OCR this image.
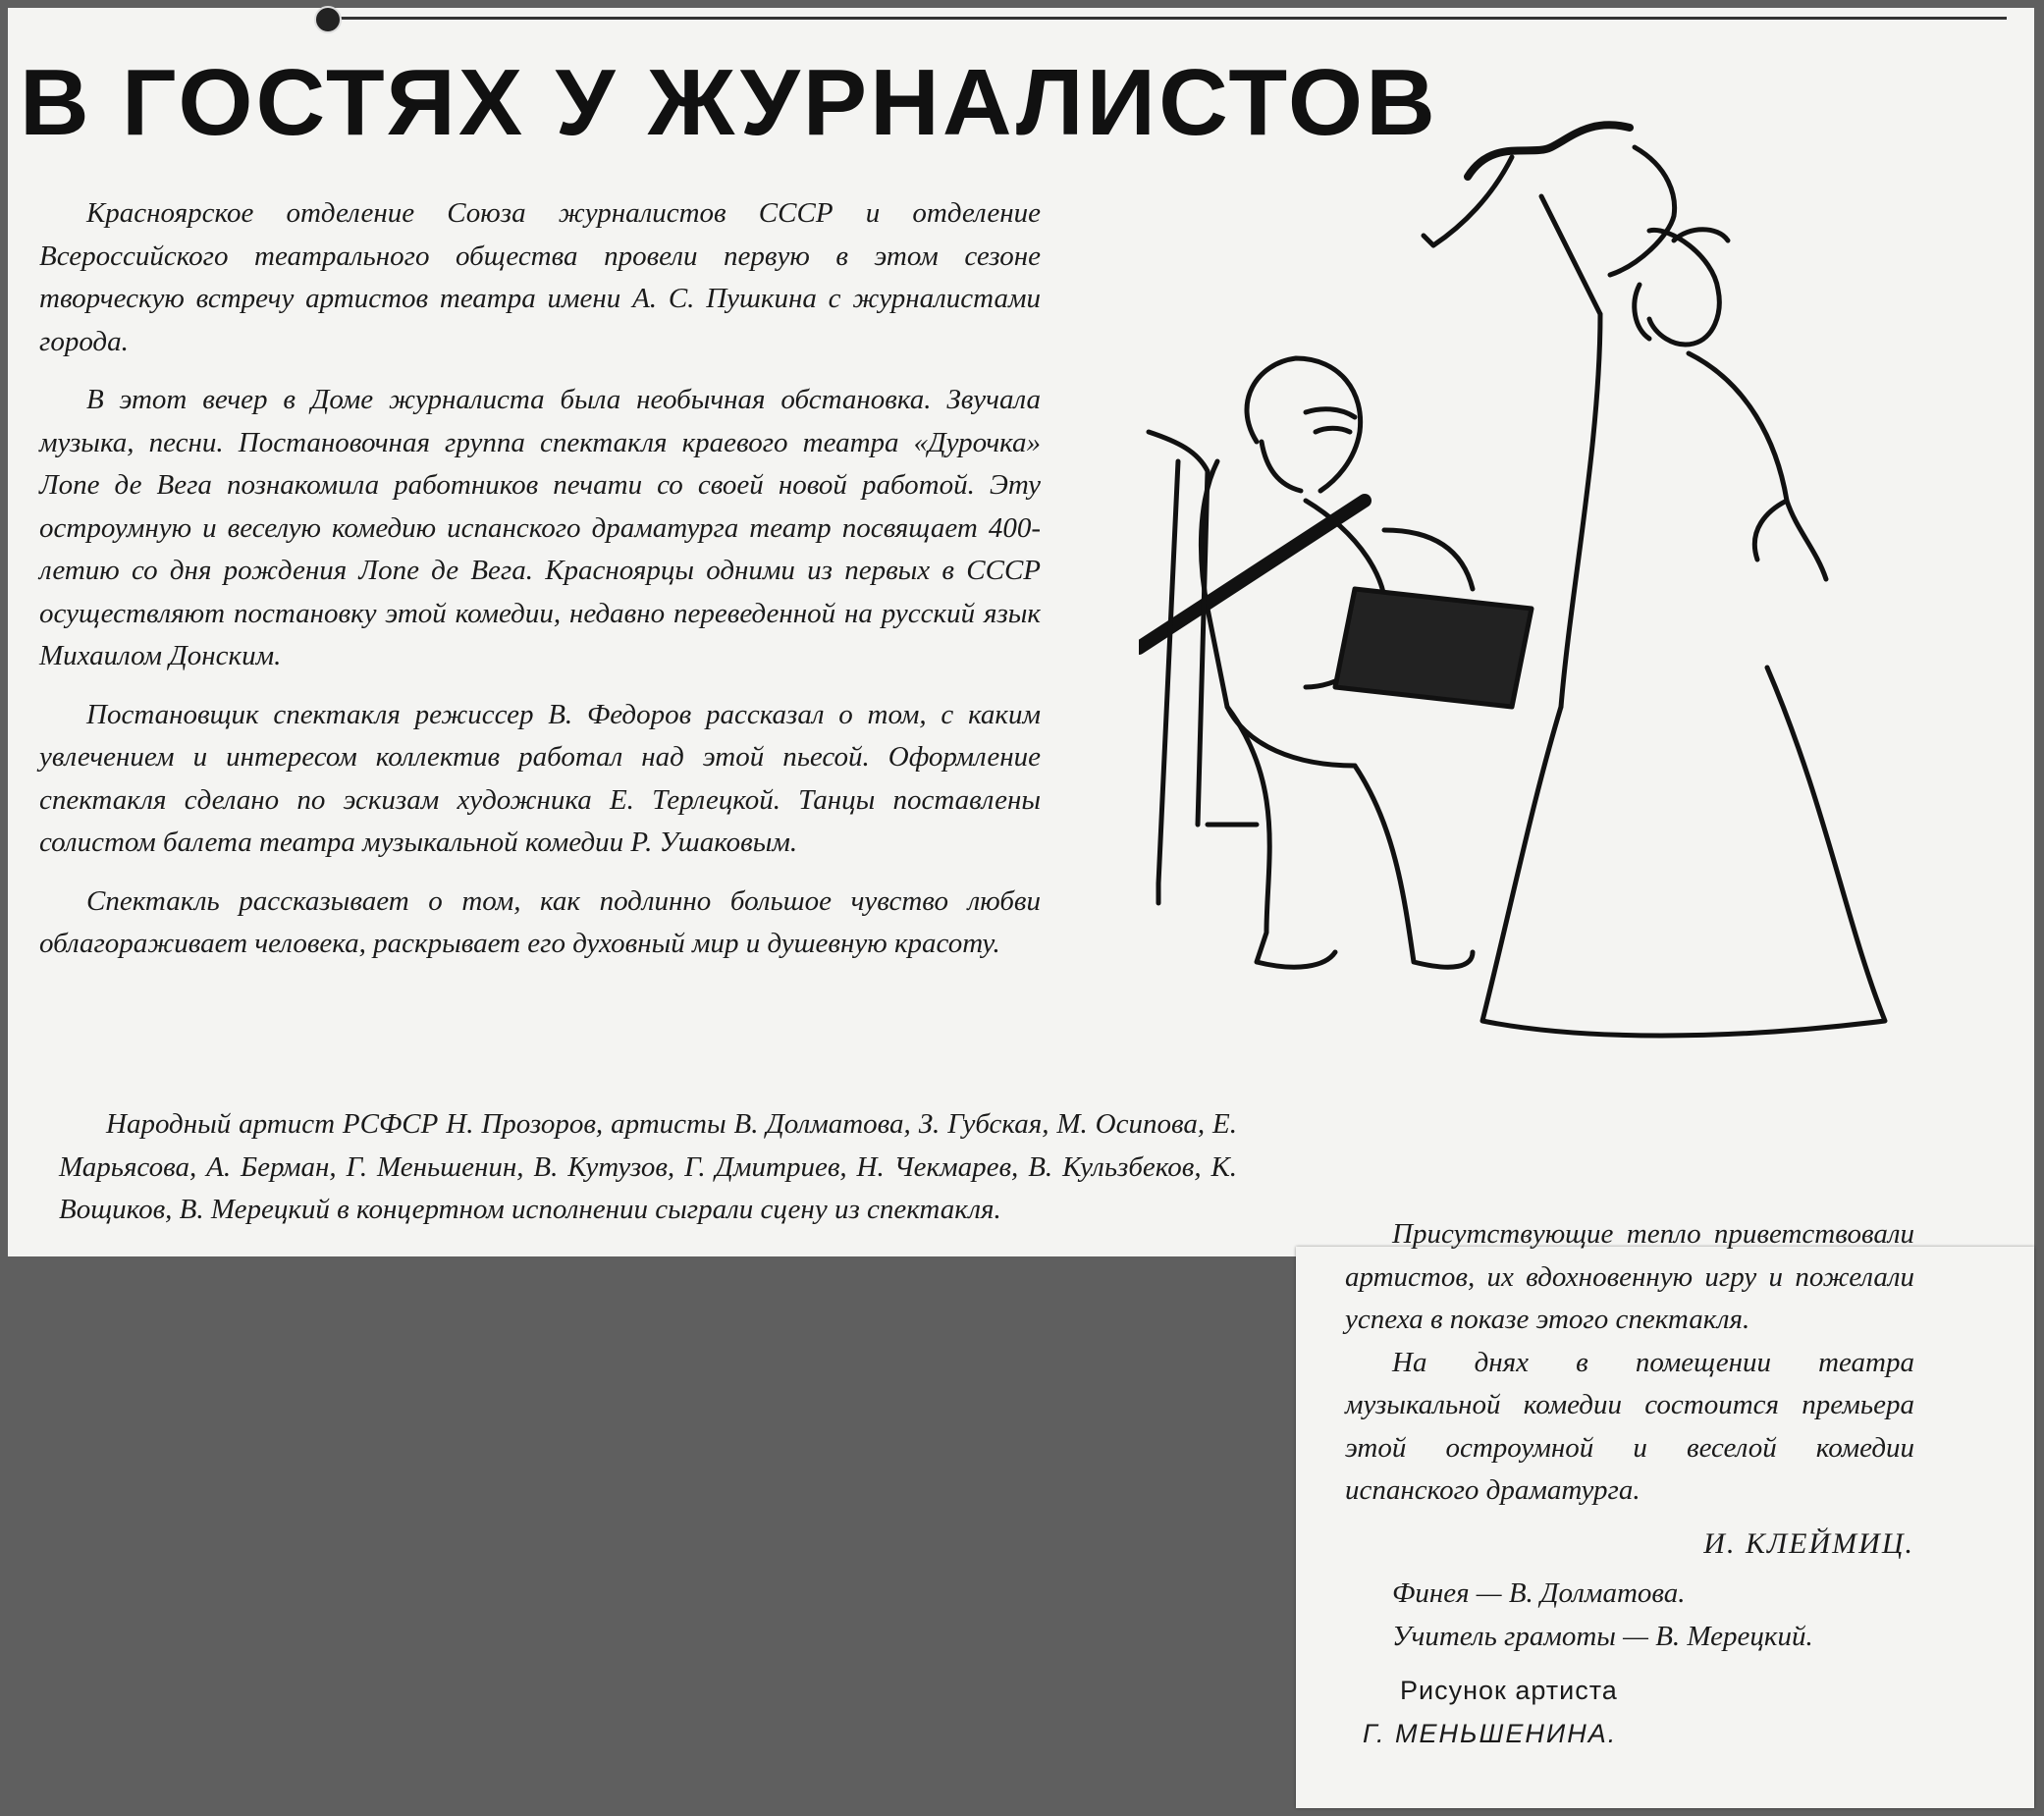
В ГОСТЯХ У ЖУРНАЛИСТОВ

Красноярское отделение Союза журналистов СССР и отделение Всероссийского театрального общества провели первую в этом сезоне творческую встречу артистов театра имени А. С. Пушкина с журналистами города.

В этот вечер в Доме журналиста была необычная обстановка. Звучала музыка, песни. Постановочная группа спектакля краевого театра «Дурочка» Лопе де Вега познакомила работников печати со своей новой работой. Эту остроумную и веселую комедию испанского драматурга театр посвящает 400-летию со дня рождения Лопе де Вега. Красноярцы одними из первых в СССР осуществляют постановку этой комедии, недавно переведенной на русский язык Михаилом Донским.

Постановщик спектакля режиссер В. Федоров рассказал о том, с каким увлечением и интересом коллектив работал над этой пьесой. Оформление спектакля сделано по эскизам художника Е. Терлецкой. Танцы поставлены солистом балета театра музыкальной комедии Р. Ушаковым.

Спектакль рассказывает о том, как подлинно большое чувство любви облагораживает человека, раскрывает его духовный мир и душевную красоту.

Народный артист РСФСР Н. Прозоров, артисты В. Долматова, З. Губская, М. Осипова, Е. Марьясова, А. Берман, Г. Меньшенин, В. Кутузов, Г. Дмитриев, Н. Чекмарев, В. Кульзбеков, К. Вощиков, В. Мерецкий в концертном исполнении сыграли сцену из спектакля.

Присутствующие тепло приветствовали артистов, их вдохновенную игру и пожелали успеха в показе этого спектакля.

На днях в помещении театра музыкальной комедии состоится премьера этой остроумной и веселой комедии испанского драматурга.

И. КЛЕЙМИЦ.

Финея — В. Долматова.

Учитель грамоты — В. Мерецкий.

Рисунок артиста

Г. МЕНЬШЕНИНА.
